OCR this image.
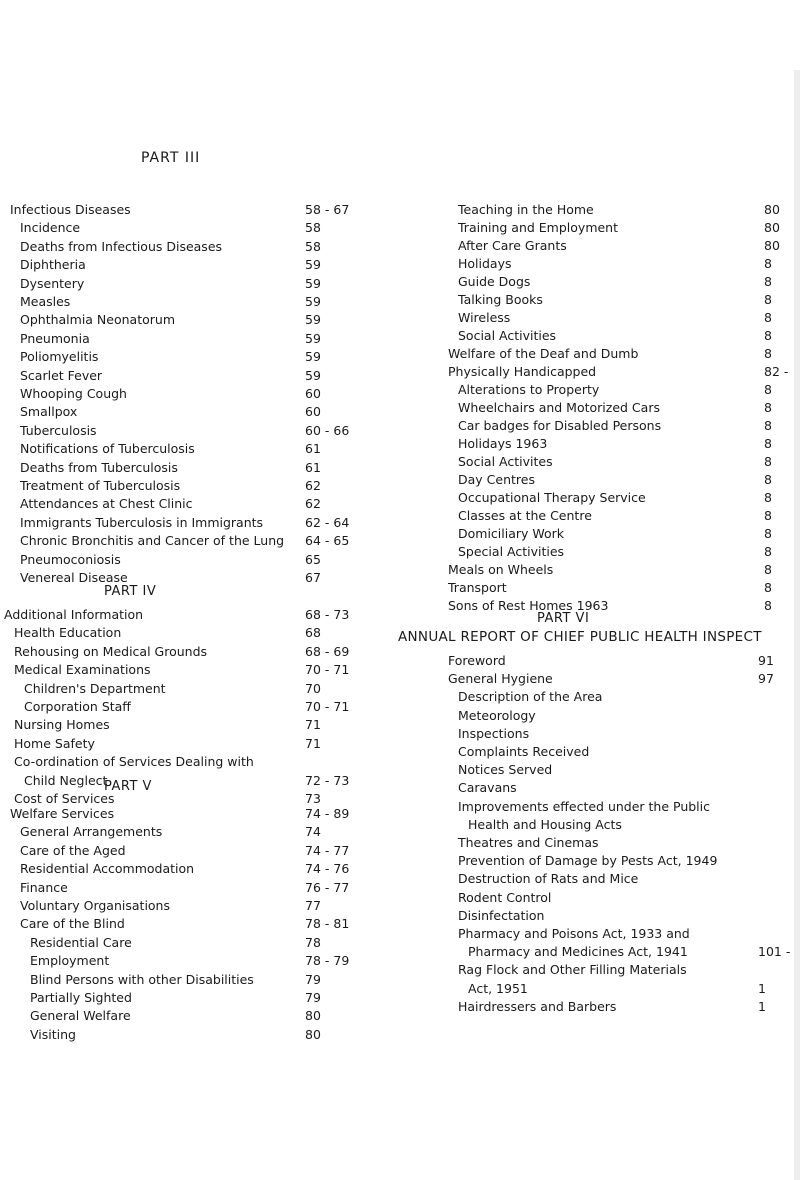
PART III
Infectious Diseases	58 - 67
Incidence	58
Deaths from Infectious Diseases	58
Diphtheria	59
Dysentery	59
Measles	59
Ophthalmia Neonatorum	59
Pneumonia	59
Poliomyelitis	59
Scarlet Fever	59
Whooping Cough	60
Smallpox	60
Tuberculosis	60 - 66
Notifications of Tuberculosis	61
Deaths from Tuberculosis	61
Treatment of Tuberculosis	62
Attendances at Chest Clinic	62
Immigrants Tuberculosis in Immigrants	62 - 64
Chronic Bronchitis and Cancer of the Lung 64 - 65
Pneumoconiosis	65
Venereal Disease	67
Additional Information	68 - 73
Health Education	68
Rehousing on Medical Grounds	68 - 69
Medical Examinations	70 - 71
Children's Department	70
Corporation Staff	70 - 71
Nursing Homes	71
Home Safety	71
Co-ordination of Services Dealing with
Child Neglect	72 - 73
Cost of Services	73
Welfare Services	74 - 89
General Arrangements	74
Care of the Aged	74 - 77
Residential Accommodation	74 - 76
Finance	76 - 77
Voluntary Organisations	77
Care of the Blind	78 - 81
Residential Care	78
Employment	78 - 79
Blind Persons with other Disabilities	79
Partially Sighted	79
General Welfare	80
Visiting	80
Teaching in the Home	80
Training and Employment	80
After Care Grants	80
Holidays	8
Guide Dogs	8
Talking Books	8
Wireless	8
Social Activities	8
Welfare of the Deaf and Dumb	8
Physically Handicapped	82 -
Alterations to Property	8
Wheelchairs and Motorized Cars	8
Car badges for Disabled Persons	8
Holidays 1963	8
Social Activites	8
Day Centres	8
Occupational Therapy Service	8
Classes at the Centre	8
Domiciliary Work	8
Special Activities	8
Meals on Wheels	8
Transport	8
Sons of Rest Homes 1963	8
Foreword	91
General Hygiene	97
Description of the Area
Meteorology
Inspections
Complaints Received
Notices Served
Caravans
Improvements effected under the Public
Health and Housing Acts
Theatres and Cinemas
Prevention of Damage by Pests Act, 1949
Destruction of Rats and Mice
Rodent Control
Disinfectation
Pharmacy and Poisons Act, 1933 and
Pharmacy and Medicines Act, 1941	101 -
Rag Flock and Other Filling Materials
Act, 1951	1
Hairdressers and Barbers	1
PART IV
PART V
PART VI
ANNUAL REPORT OF CHIEF PUBLIC HEALTH INSPECT
